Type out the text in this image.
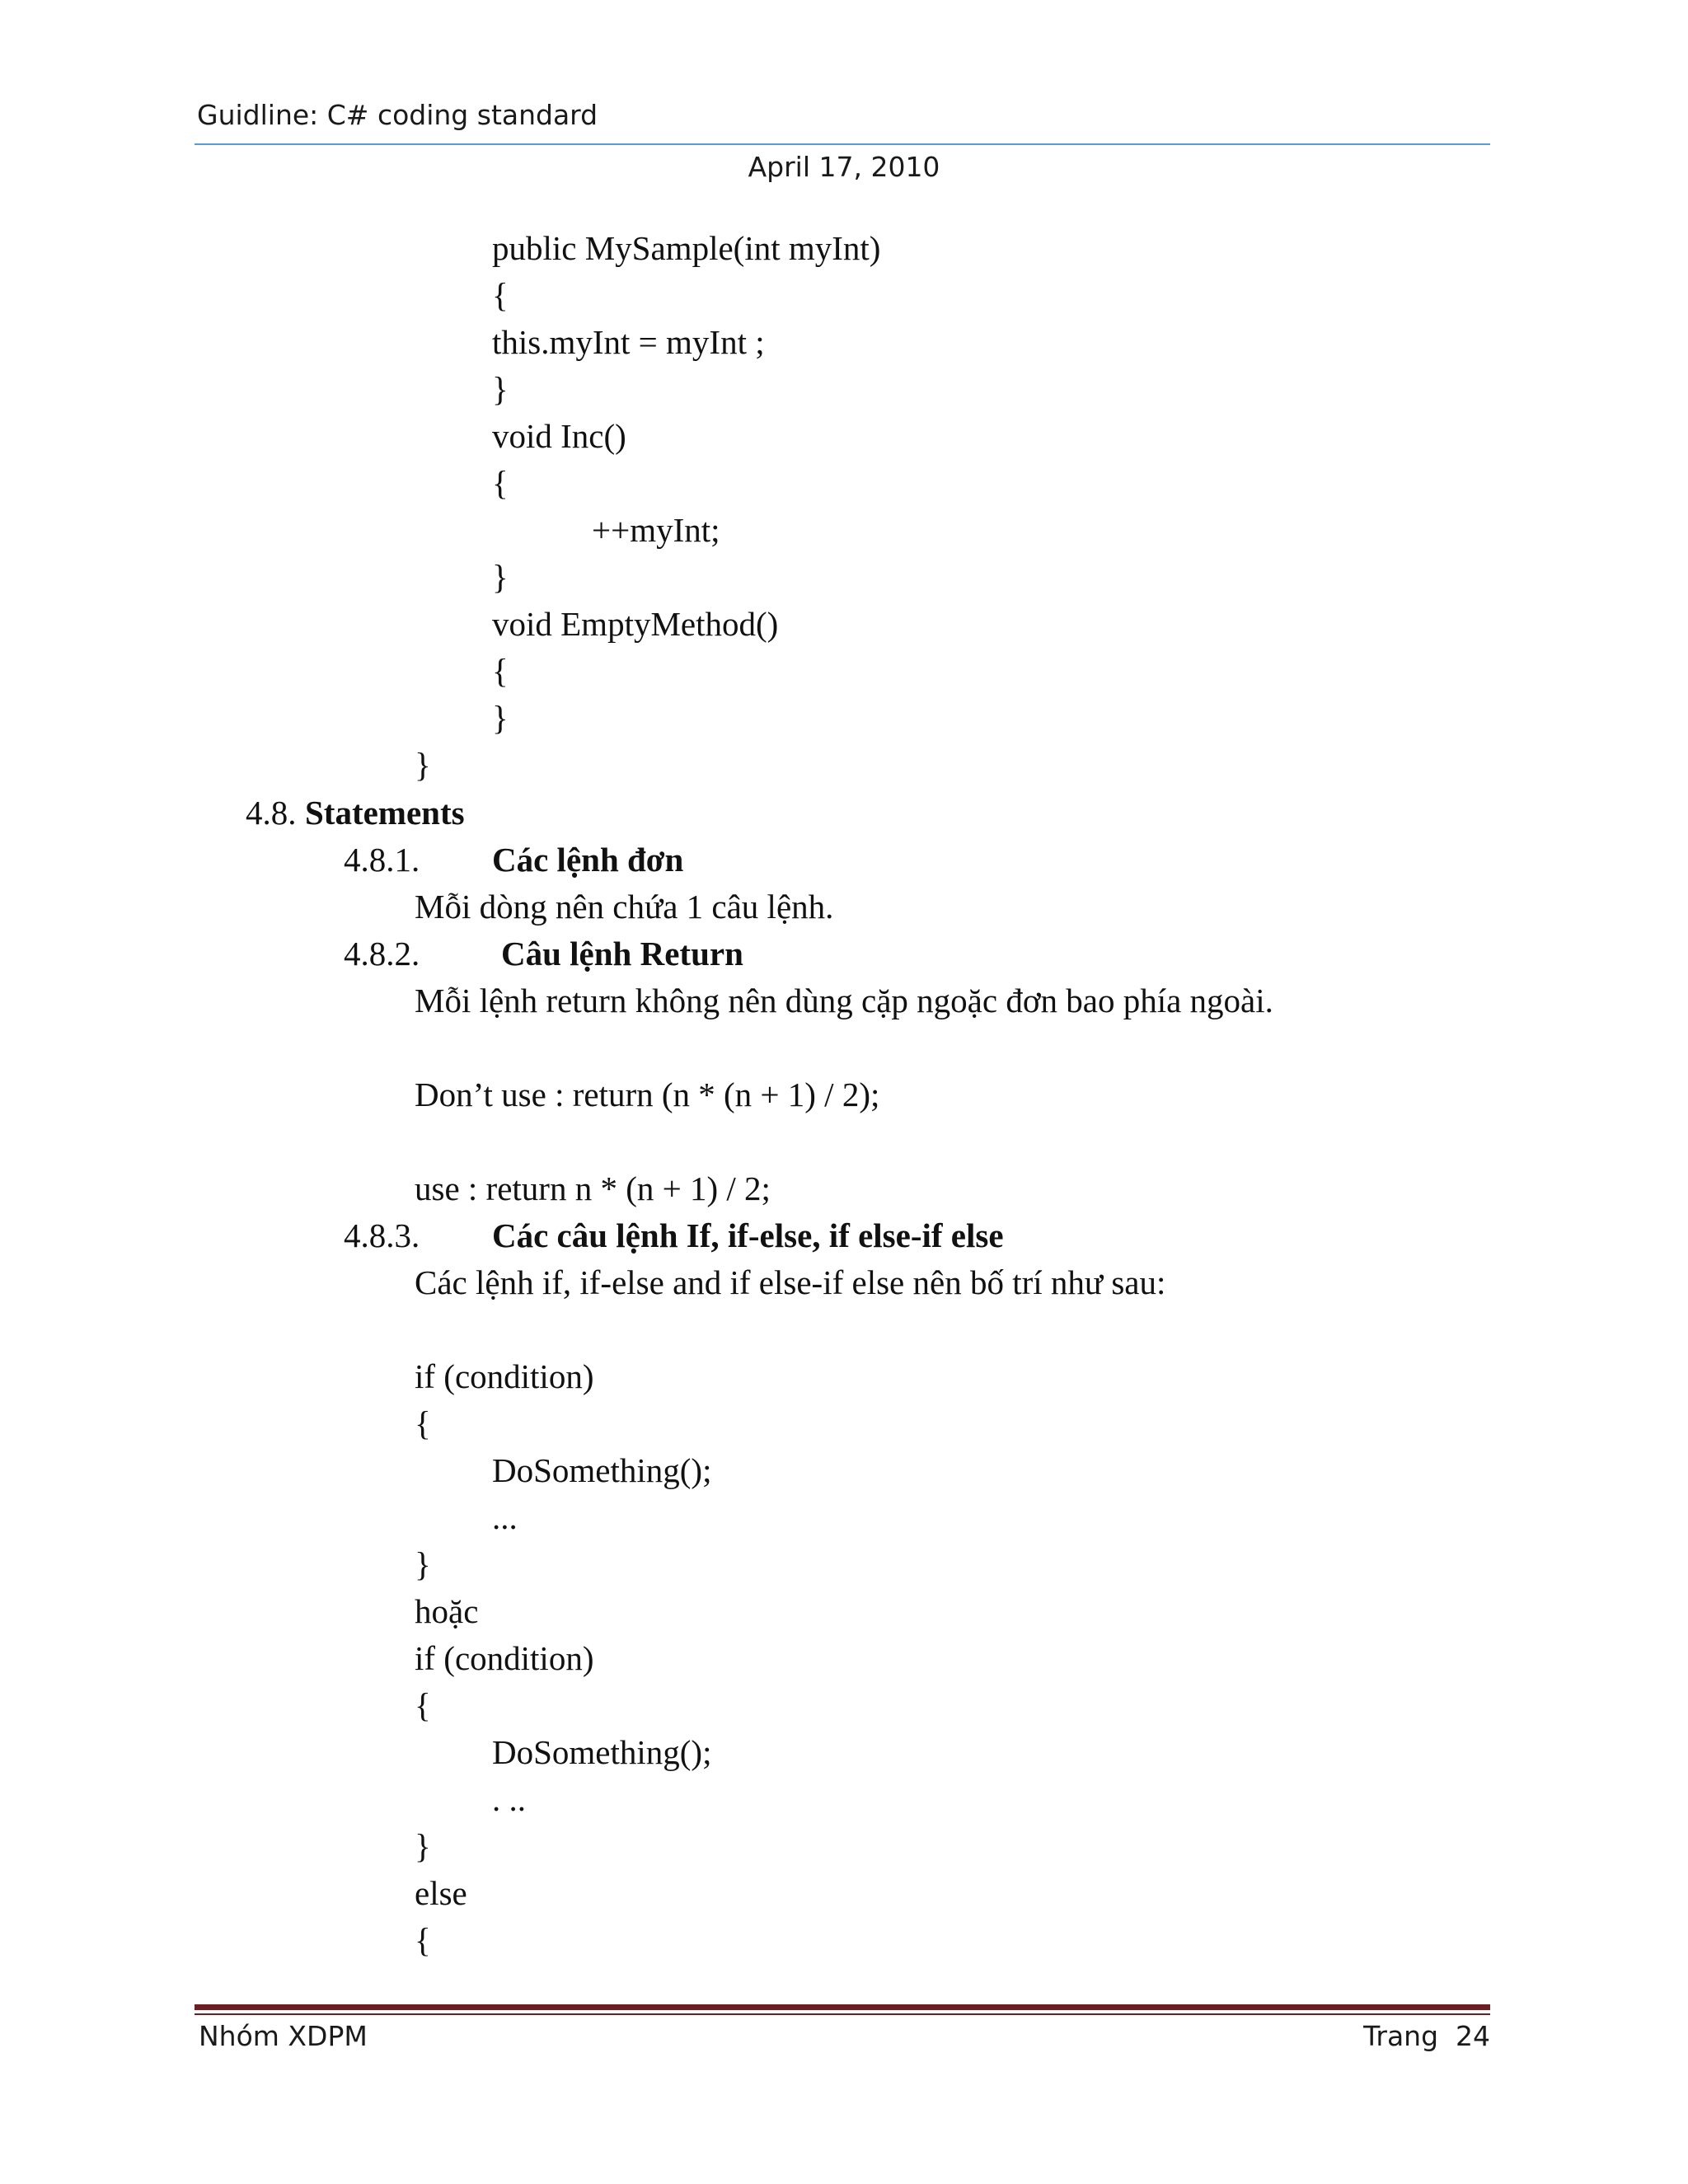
Guidline: C# coding standard
April 17, 2010
public MySample(int myInt)
{
this.myInt = myInt ;
}
void Inc()
{
++myInt;
}
void EmptyMethod()
{
}
}
4.8. Statements
4.8.1. Các lệnh đơn
Mỗi dòng nên chứa 1 câu lệnh.
4.8.2. Câu lệnh Return
Mỗi lệnh return không nên dùng cặp ngoặc đơn bao phía ngoài.
Don’t use : return (n * (n + 1) / 2);
use : return n * (n + 1) / 2;
4.8.3. Các câu lệnh If, if-else, if else-if else
Các lệnh if, if-else and if else-if else nên bố trí như sau:
if (condition)
{
DoSomething();
...
}
hoặc
if (condition)
{
DoSomething();
. ..
}
else
{
Nhóm XDPM	Trang  24
